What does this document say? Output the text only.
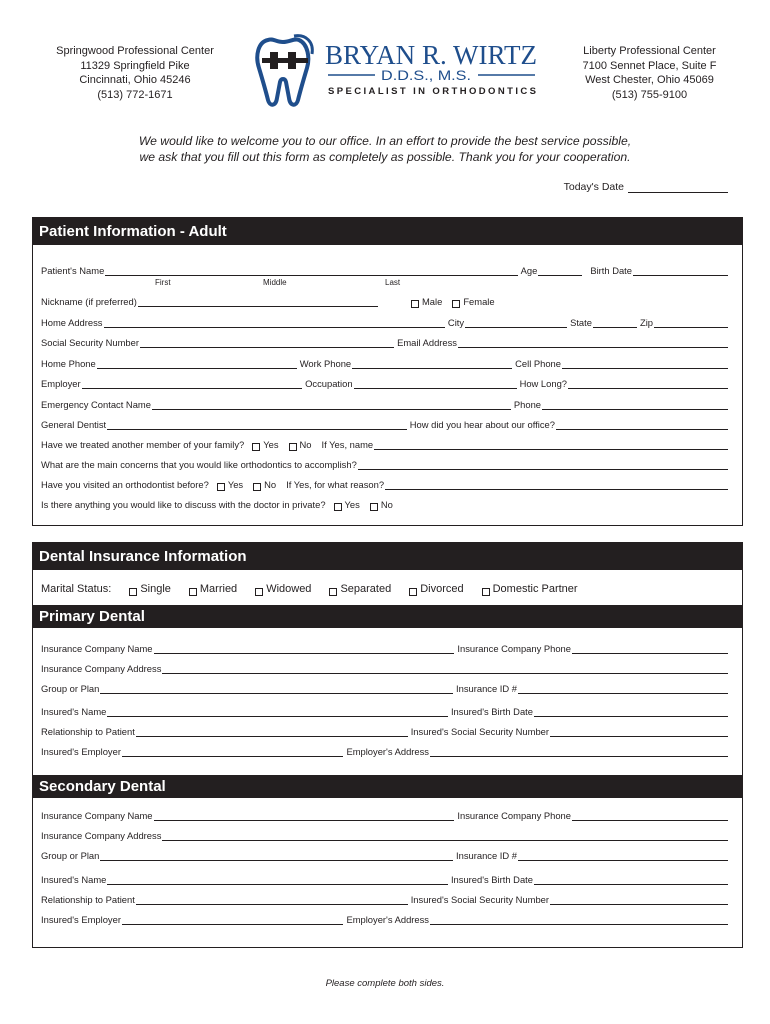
Springwood Professional Center
11329 Springfield Pike
Cincinnati, Ohio 45246
(513) 772-1671
Liberty Professional Center
7100 Sennet Place, Suite F
West Chester, Ohio 45069
(513) 755-9100
BRYAN R. WIRTZ
D.D.S., M.S.
SPECIALIST IN ORTHODONTICS
We would like to welcome you to our office. In an effort to provide the best service possible,
we ask that you fill out this form as completely as possible. Thank you for your cooperation.
Today's Date
Patient Information - Adult
Patient's Name	Age	Birth Date
First	Middle	Last
Nickname (if preferred)	Male Female
Home Address	City	State	Zip
Social Security Number	Email Address
Home Phone	Work Phone	Cell Phone
Employer	Occupation	How Long?
Emergency Contact Name	Phone
General Dentist	How did you hear about our office?
Have we treated another member of your family? Yes No If Yes, name
What are the main concerns that you would like orthodontics to accomplish?
Have you visited an orthodontist before? Yes No If Yes, for what reason?
Is there anything you would like to discuss with the doctor in private? Yes No
Dental Insurance Information
Marital Status:	Single	Married	Widowed	Separated	Divorced	Domestic Partner
Primary Dental
Insurance Company Name	Insurance Company Phone
Insurance Company Address
Group or Plan	Insurance ID #
Insured's Name	Insured's Birth Date
Relationship to Patient	Insured's Social Security Number
Insured's Employer	Employer's Address
Secondary Dental
Insurance Company Name	Insurance Company Phone
Insurance Company Address
Group or Plan	Insurance ID #
Insured's Name	Insured's Birth Date
Relationship to Patient	Insured's Social Security Number
Insured's Employer	Employer's Address
Please complete both sides.
